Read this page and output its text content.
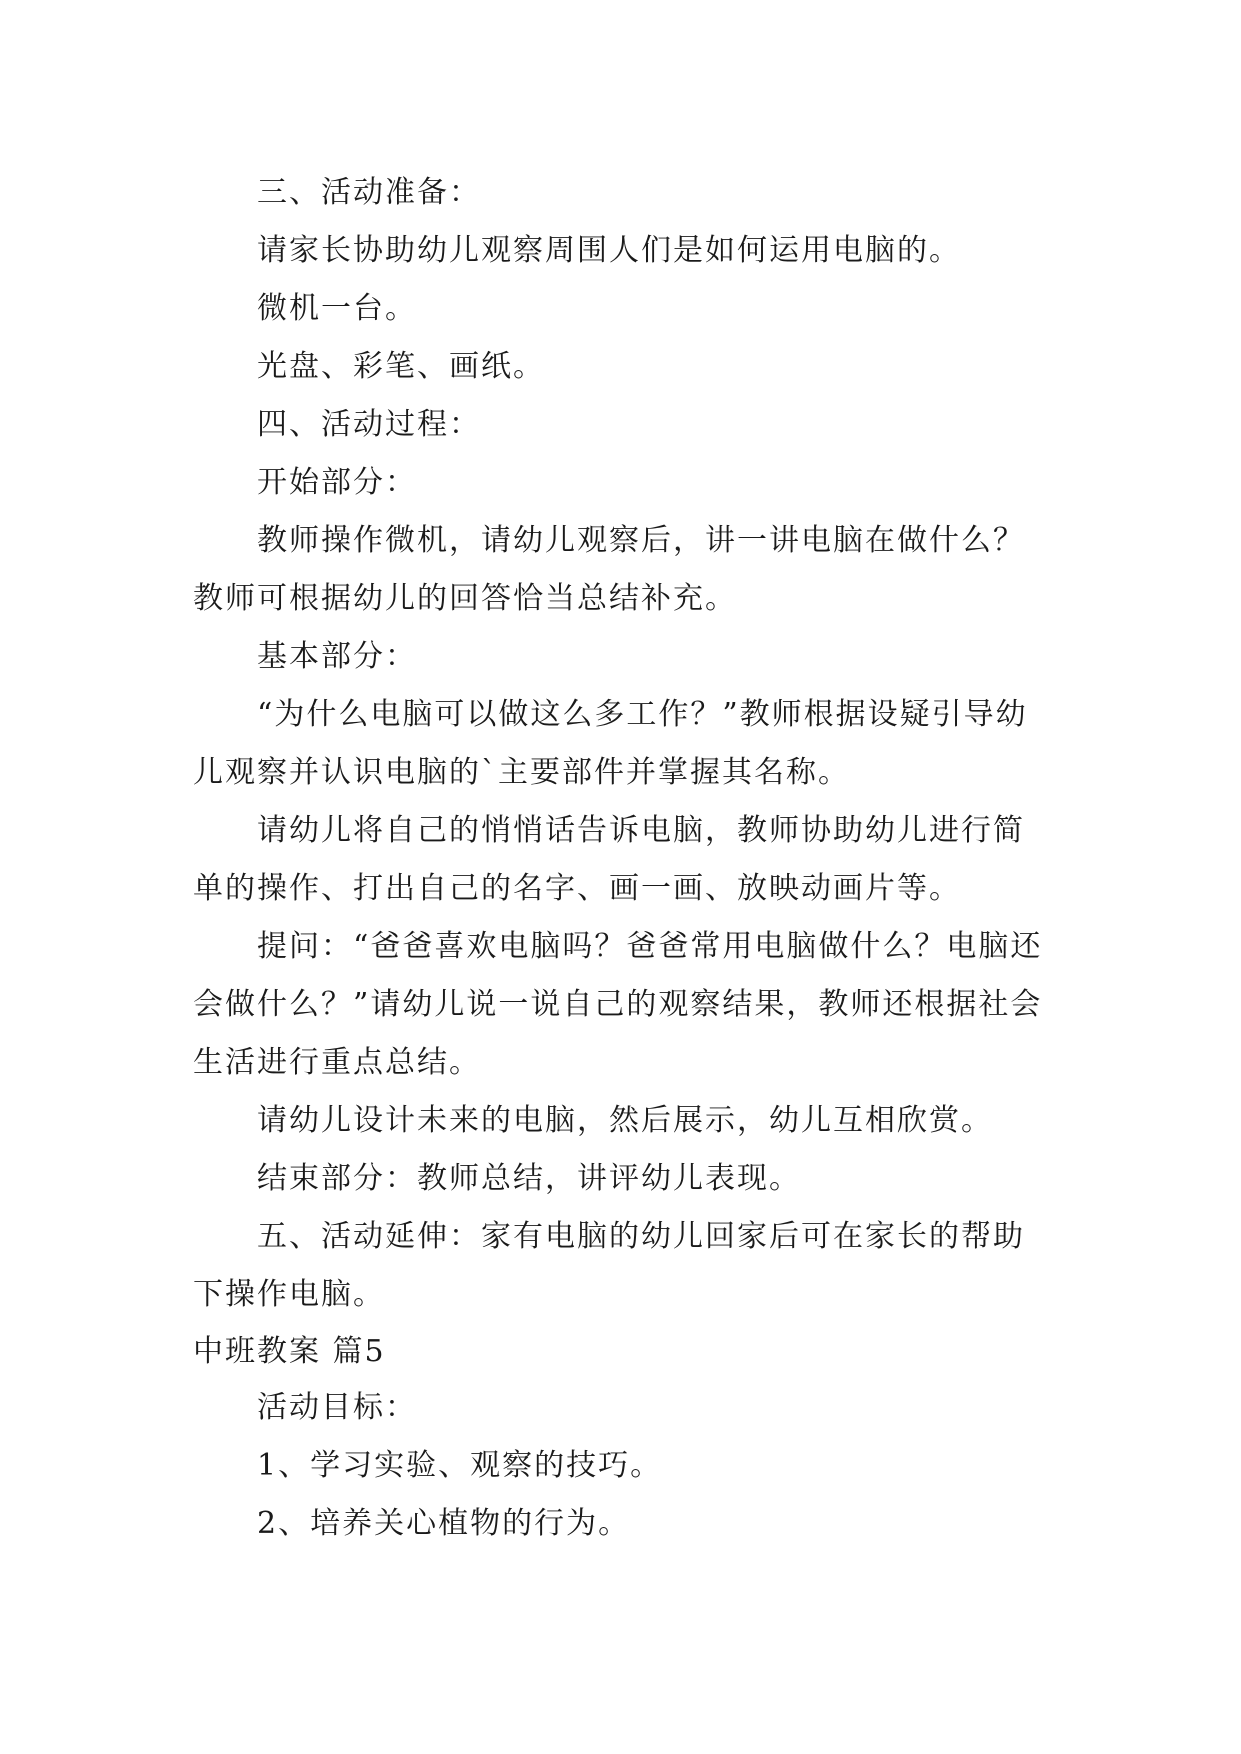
三、活动准备：

请家长协助幼儿观察周围人们是如何运用电脑的。

微机一台。

光盘、彩笔、画纸。

四、活动过程：

开始部分：

教师操作微机，请幼儿观察后，讲一讲电脑在做什么？教师可根据幼儿的回答恰当总结补充。

基本部分：

“为什么电脑可以做这么多工作？”教师根据设疑引导幼儿观察并认识电脑的`主要部件并掌握其名称。

请幼儿将自己的悄悄话告诉电脑，教师协助幼儿进行简单的操作、打出自己的名字、画一画、放映动画片等。

提问：“爸爸喜欢电脑吗？爸爸常用电脑做什么？电脑还会做什么？”请幼儿说一说自己的观察结果，教师还根据社会生活进行重点总结。

请幼儿设计未来的电脑，然后展示，幼儿互相欣赏。

结束部分：教师总结，讲评幼儿表现。

五、活动延伸：家有电脑的幼儿回家后可在家长的帮助下操作电脑。

中班教案 篇5

活动目标：

1、学习实验、观察的技巧。

2、培养关心植物的行为。
